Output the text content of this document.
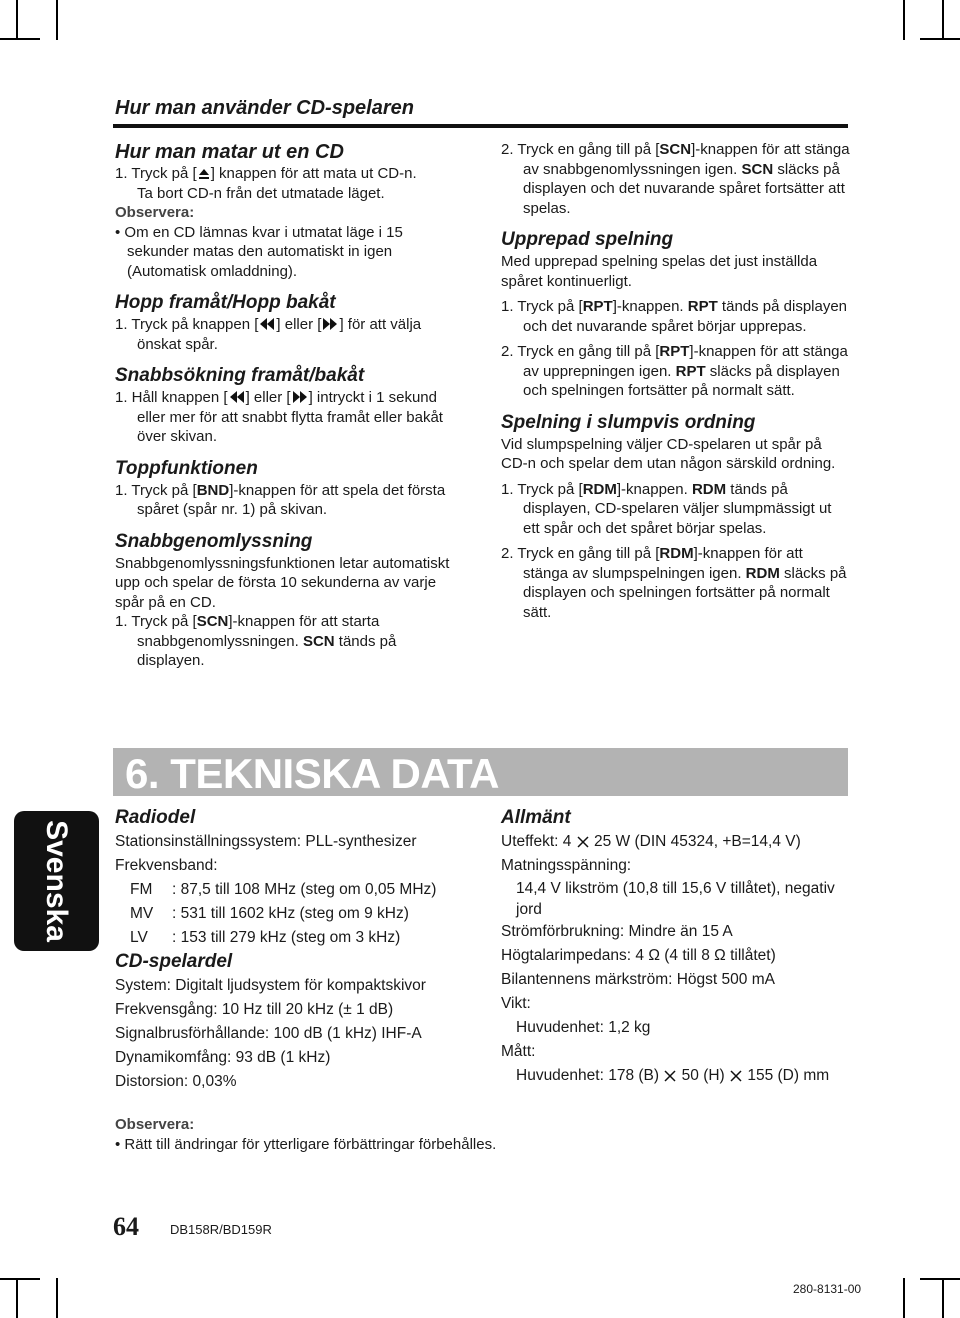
Hur man använder CD-spelaren

Hur man matar ut en CD

1. Tryck på [ ] knappen för att mata ut CD-n.
Ta bort CD-n från det utmatade läget.

Observera:

• Om en CD lämnas kvar i utmatat läge i 15 sekunder matas den automatiskt in igen (Automatisk omladdning).

Hopp framåt/Hopp bakåt

1. Tryck på knappen [ ] eller [ ] för att välja önskat spår.

Snabbsökning framåt/bakåt

1. Håll knappen [ ] eller [ ] intryckt i 1 sekund eller mer för att snabbt flytta framåt eller bakåt över skivan.

Toppfunktionen

1. Tryck på [BND]-knappen för att spela det första spåret (spår nr. 1) på skivan.

Snabbgenomlyssning

Snabbgenomlyssningsfunktionen letar automatiskt upp och spelar de första 10 sekunderna av varje spår på en CD.

1. Tryck på [SCN]-knappen för att starta snabbgenomlyssningen. SCN tänds på displayen.

2. Tryck en gång till på [SCN]-knappen för att stänga av snabbgenomlyssningen igen. SCN släcks på displayen och det nuvarande spåret fortsätter att spelas.

Upprepad spelning

Med upprepad spelning spelas det just inställda spåret kontinuerligt.

1. Tryck på [RPT]-knappen. RPT tänds på displayen och det nuvarande spåret börjar upprepas.

2. Tryck en gång till på [RPT]-knappen för att stänga av upprepningen igen. RPT släcks på displayen och spelningen fortsätter på normalt sätt.

Spelning i slumpvis ordning

Vid slumpspelning väljer CD-spelaren ut spår på CD-n och spelar dem utan någon särskild ordning.

1. Tryck på [RDM]-knappen. RDM tänds på displayen, CD-spelaren väljer slumpmässigt ut ett spår och det spåret börjar spelas.

2. Tryck en gång till på [RDM]-knappen för att stänga av slumpspelningen igen. RDM släcks på displayen och spelningen fortsätter på normalt sätt.

6. TEKNISKA DATA
Svenska

Radiodel

Stationsinställningssystem: PLL-synthesizer

Frekvensband:

FM	: 87,5 till 108 MHz (steg om 0,05 MHz)
MV	: 531 till 1602 kHz (steg om 9 kHz)
LV	: 153 till 279 kHz (steg om 3 kHz)

CD-spelardel

System: Digitalt ljudsystem för kompaktskivor

Frekvensgång: 10 Hz till 20 kHz (± 1 dB)

Signalbrusförhållande: 100 dB (1 kHz) IHF-A

Dynamikomfång: 93 dB (1 kHz)

Distorsion: 0,03%

Allmänt

Uteffekt: 4  25 W (DIN 45324, +B=14,4 V)

Matningsspänning:

14,4 V likström (10,8 till 15,6 V tillåtet), negativ jord

Strömförbrukning: Mindre än 15 A

Högtalarimpedans: 4 Ω (4 till 8 Ω tillåtet)

Bilantennens märkström: Högst 500 mA

Vikt:

Huvudenhet: 1,2 kg

Mått:

Huvudenhet: 178 (B)  50 (H)  155 (D) mm

Observera:
• Rätt till ändringar för ytterligare förbättringar förbehålles.
64 DB158R/BD159R
280-8131-00
